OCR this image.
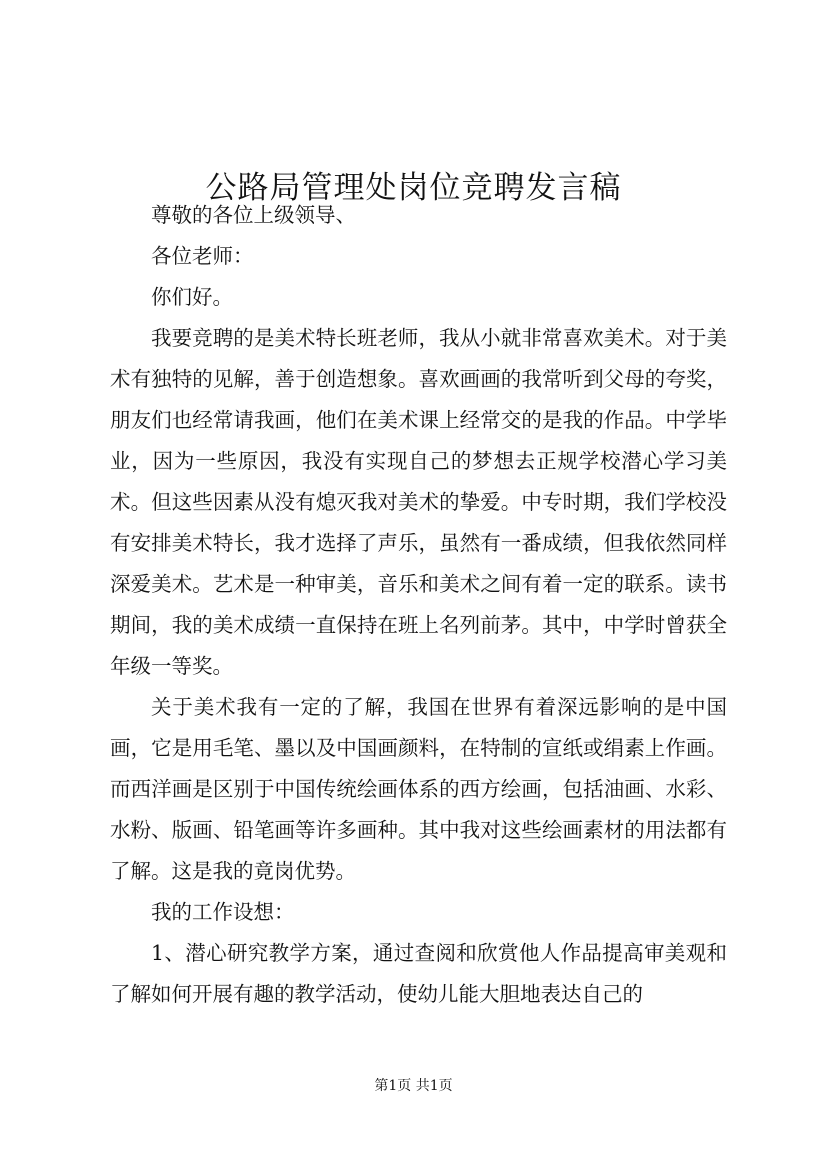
公路局管理处岗位竞聘发言稿

尊敬的各位上级领导、

各位老师：

你们好。

我要竞聘的是美术特长班老师，我从小就非常喜欢美术。对于美术有独特的见解，善于创造想象。喜欢画画的我常听到父母的夸奖，朋友们也经常请我画，他们在美术课上经常交的是我的作品。中学毕业，因为一些原因，我没有实现自己的梦想去正规学校潜心学习美术。但这些因素从没有熄灭我对美术的挚爱。中专时期，我们学校没有安排美术特长，我才选择了声乐，虽然有一番成绩，但我依然同样深爱美术。艺术是一种审美，音乐和美术之间有着一定的联系。读书期间，我的美术成绩一直保持在班上名列前茅。其中，中学时曾获全年级一等奖。

关于美术我有一定的了解，我国在世界有着深远影响的是中国画，它是用毛笔、墨以及中国画颜料，在特制的宣纸或绢素上作画。而西洋画是区别于中国传统绘画体系的西方绘画，包括油画、水彩、水粉、版画、铅笔画等许多画种。其中我对这些绘画素材的用法都有了解。这是我的竟岗优势。

我的工作设想：

1、潜心研究教学方案，通过查阅和欣赏他人作品提高审美观和了解如何开展有趣的教学活动，使幼儿能大胆地表达自己的

第1页 共1页
